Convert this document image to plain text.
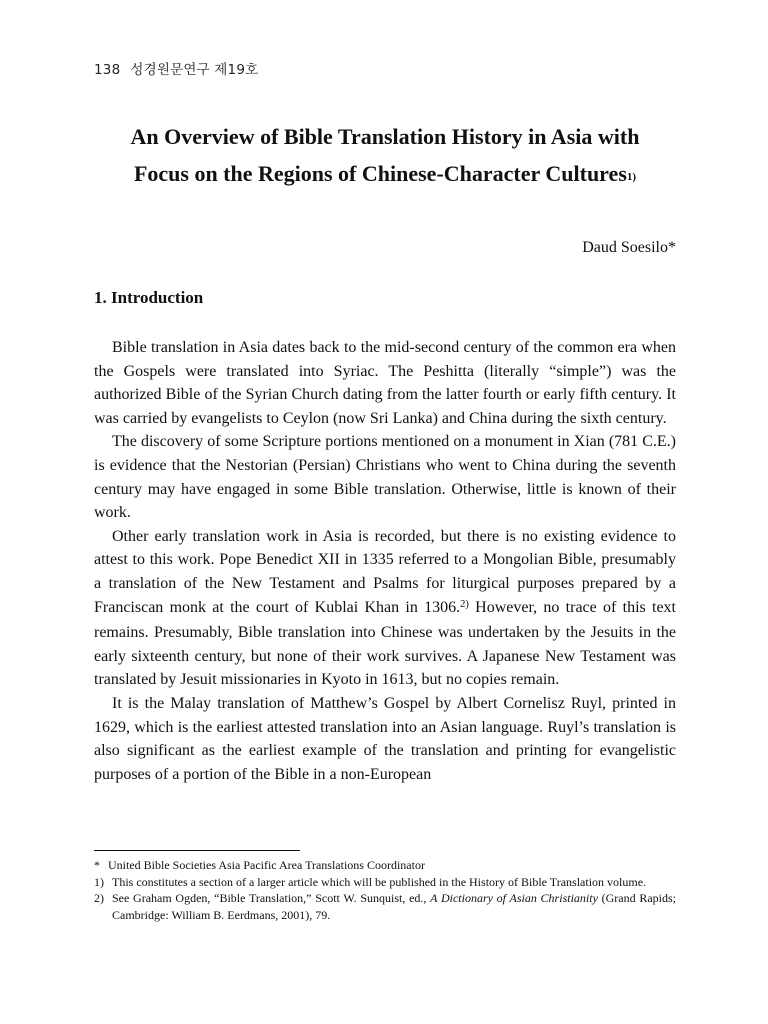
138 성경원문연구 제19호
An Overview of Bible Translation History in Asia with
Focus on the Regions of Chinese-Character Cultures$^{1)}$
Daud Soesilo*
1. Introduction

Bible translation in Asia dates back to the mid-second century of the common era when the Gospels were translated into Syriac. The Peshitta (literally “simple”) was the authorized Bible of the Syrian Church dating from the latter fourth or early fifth century. It was carried by evangelists to Ceylon (now Sri Lanka) and China during the sixth century.

The discovery of some Scripture portions mentioned on a monument in Xian (781 C.E.) is evidence that the Nestorian (Persian) Christians who went to China during the seventh century may have engaged in some Bible translation. Otherwise, little is known of their work.

Other early translation work in Asia is recorded, but there is no existing evidence to attest to this work. Pope Benedict XII in 1335 referred to a Mongolian Bible, presumably a translation of the New Testament and Psalms for liturgical purposes prepared by a Franciscan monk at the court of Kublai Khan in 1306.$^{2)}$ However, no trace of this text remains. Presumably, Bible translation into Chinese was undertaken by the Jesuits in the early sixteenth century, but none of their work survives. A Japanese New Testament was translated by Jesuit missionaries in Kyoto in 1613, but no copies remain.

It is the Malay translation of Matthew’s Gospel by Albert Cornelisz Ruyl, printed in 1629, which is the earliest attested translation into an Asian language. Ruyl’s translation is also significant as the earliest example of the translation and printing for evangelistic purposes of a portion of the Bible in a non-European

* United Bible Societies Asia Pacific Area Translations Coordinator
1) This constitutes a section of a larger article which will be published in the History of Bible Translation volume.
2) See Graham Ogden, “Bible Translation,” Scott W. Sunquist, ed., A Dictionary of Asian Christianity (Grand Rapids; Cambridge: William B. Eerdmans, 2001), 79.
